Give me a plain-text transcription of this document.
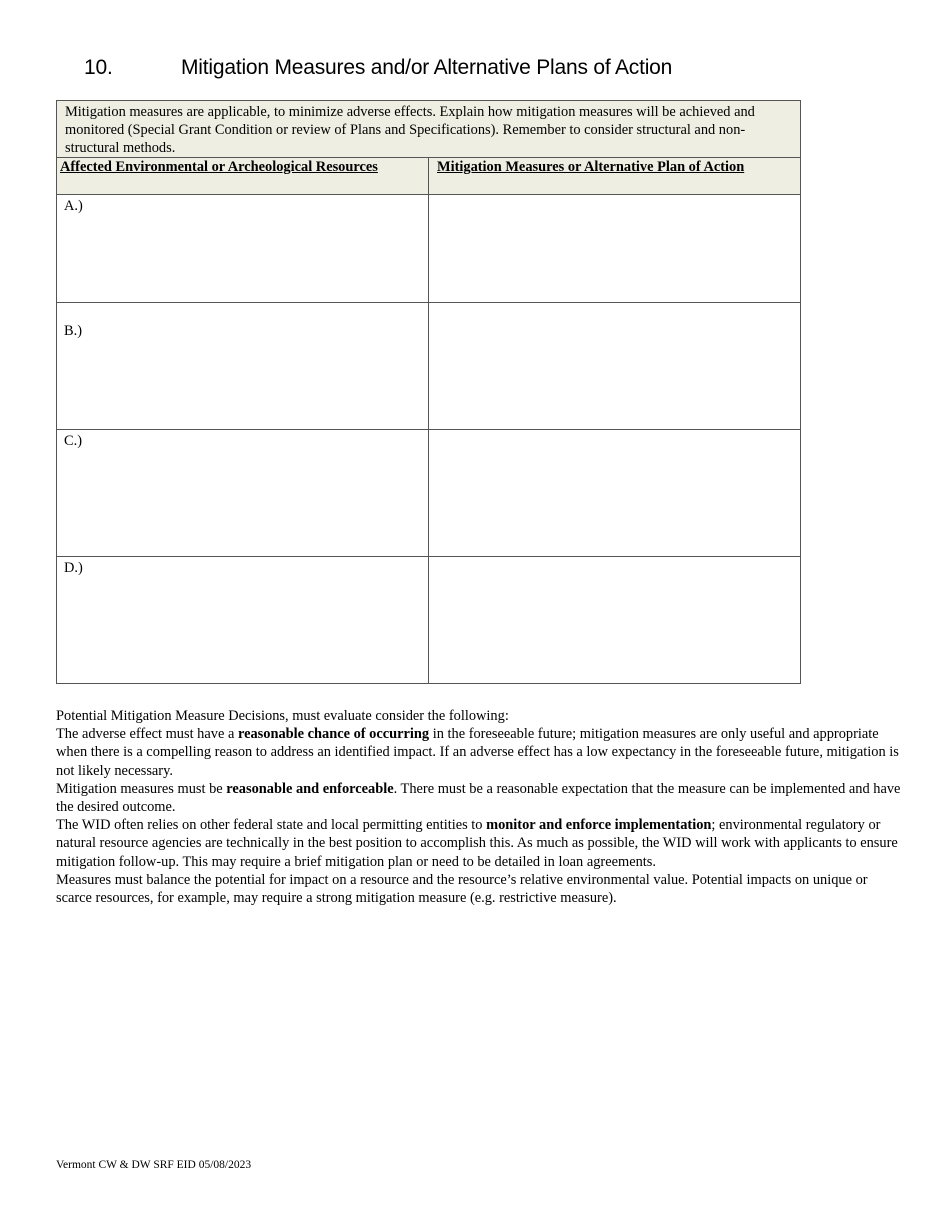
10.	Mitigation Measures and/or Alternative Plans of Action
Mitigation measures are applicable, to minimize adverse effects. Explain how mitigation measures will be achieved and monitored (Special Grant Condition or review of Plans and Specifications). Remember to consider structural and non-structural methods.	
Affected Environmental or Archeological Resources	Mitigation Measures or Alternative Plan of Action
A.)	
B.)	
C.)	
D.)	

Potential Mitigation Measure Decisions, must evaluate consider the following:

The adverse effect must have a reasonable chance of occurring in the foreseeable future; mitigation measures are only useful and appropriate when there is a compelling reason to address an identified impact. If an adverse effect has a low expectancy in the foreseeable future, mitigation is not likely necessary.

Mitigation measures must be reasonable and enforceable. There must be a reasonable expectation that the measure can be implemented and have the desired outcome.

The WID often relies on other federal state and local permitting entities to monitor and enforce implementation; environmental regulatory or natural resource agencies are technically in the best position to accomplish this. As much as possible, the WID will work with applicants to ensure mitigation follow-up. This may require a brief mitigation plan or need to be detailed in loan agreements.

Measures must balance the potential for impact on a resource and the resource’s relative environmental value. Potential impacts on unique or scarce resources, for example, may require a strong mitigation measure (e.g. restrictive measure).

Vermont CW & DW SRF EID 05/08/2023
